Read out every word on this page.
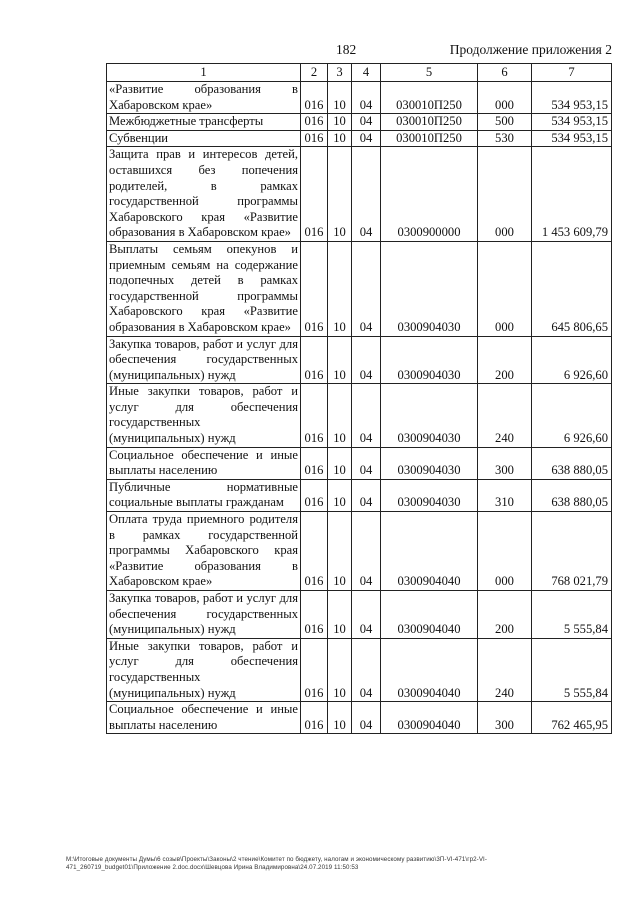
182	Продолжение приложения 2
1	2	3	4	5	6	7
«Развитие образования в Хабаровском крае»	016	10	04	030010П250	000	534 953,15
Межбюджетные трансферты	016	10	04	030010П250	500	534 953,15
Субвенции	016	10	04	030010П250	530	534 953,15
Защита прав и интересов детей, оставшихся без попечения родителей, в рамках государственной программы Хабаровского края «Развитие образования в Хабаровском крае»	016	10	04	0300900000	000	1 453 609,79
Выплаты семьям опекунов и приемным семьям на содержание подопечных детей в рамках государственной программы Хабаровского края «Развитие образования в Хабаровском крае»	016	10	04	0300904030	000	645 806,65
Закупка товаров, работ и услуг для обеспечения государственных (муниципальных) нужд	016	10	04	0300904030	200	6 926,60
Иные закупки товаров, работ и услуг для обеспечения государственных (муниципальных) нужд	016	10	04	0300904030	240	6 926,60
Социальное обеспечение и иные выплаты населению	016	10	04	0300904030	300	638 880,05
Публичные нормативные социальные выплаты гражданам	016	10	04	0300904030	310	638 880,05
Оплата труда приемного родителя в рамках государственной программы Хабаровского края «Развитие образования в Хабаровском крае»	016	10	04	0300904040	000	768 021,79
Закупка товаров, работ и услуг для обеспечения государственных (муниципальных) нужд	016	10	04	0300904040	200	5 555,84
Иные закупки товаров, работ и услуг для обеспечения государственных (муниципальных) нужд	016	10	04	0300904040	240	5 555,84
Социальное обеспечение и иные выплаты населению	016	10	04	0300904040	300	762 465,95
M:\Итоговые документы Думы\6 созыв\Проекты\Законы\2 чтение\Комитет по бюджету, налогам и экономическому развитию\3П-VI-471\гр2-VI-471_260719_budget01\Приложение 2.doc.docx\Шевцова Ирина Владимировна\24.07.2019 11:50:53
